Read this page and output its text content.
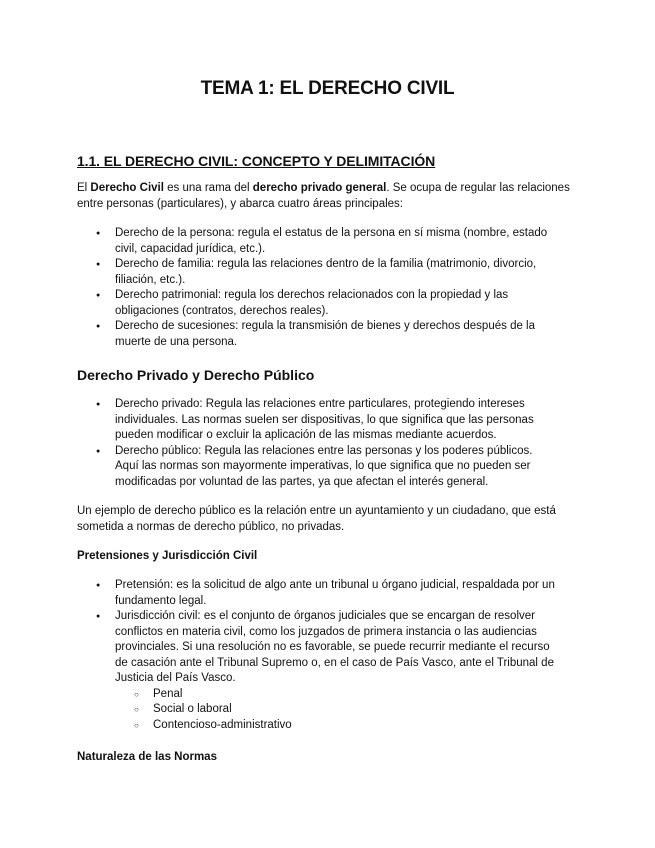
TEMA 1: EL DERECHO CIVIL
1.1. EL DERECHO CIVIL: CONCEPTO Y DELIMITACIÓN
El Derecho Civil es una rama del derecho privado general. Se ocupa de regular las relaciones entre personas (particulares), y abarca cuatro áreas principales:
● Derecho de la persona: regula el estatus de la persona en sí misma (nombre, estado civil, capacidad jurídica, etc.).
● Derecho de familia: regula las relaciones dentro de la familia (matrimonio, divorcio, filiación, etc.).
● Derecho patrimonial: regula los derechos relacionados con la propiedad y las obligaciones (contratos, derechos reales).
● Derecho de sucesiones: regula la transmisión de bienes y derechos después de la muerte de una persona.
Derecho Privado y Derecho Público
● Derecho privado: Regula las relaciones entre particulares, protegiendo intereses individuales. Las normas suelen ser dispositivas, lo que significa que las personas pueden modificar o excluir la aplicación de las mismas mediante acuerdos.
● Derecho público: Regula las relaciones entre las personas y los poderes públicos. Aquí las normas son mayormente imperativas, lo que significa que no pueden ser modificadas por voluntad de las partes, ya que afectan el interés general.
Un ejemplo de derecho público es la relación entre un ayuntamiento y un ciudadano, que está sometida a normas de derecho público, no privadas.
Pretensiones y Jurisdicción Civil
● Pretensión: es la solicitud de algo ante un tribunal u órgano judicial, respaldada por un fundamento legal.
● Jurisdicción civil: es el conjunto de órganos judiciales que se encargan de resolver conflictos en materia civil, como los juzgados de primera instancia o las audiencias provinciales. Si una resolución no es favorable, se puede recurrir mediante el recurso de casación ante el Tribunal Supremo o, en el caso de País Vasco, ante el Tribunal de Justicia del País Vasco.
○ Penal
○ Social o laboral
○ Contencioso-administrativo
Naturaleza de las Normas
